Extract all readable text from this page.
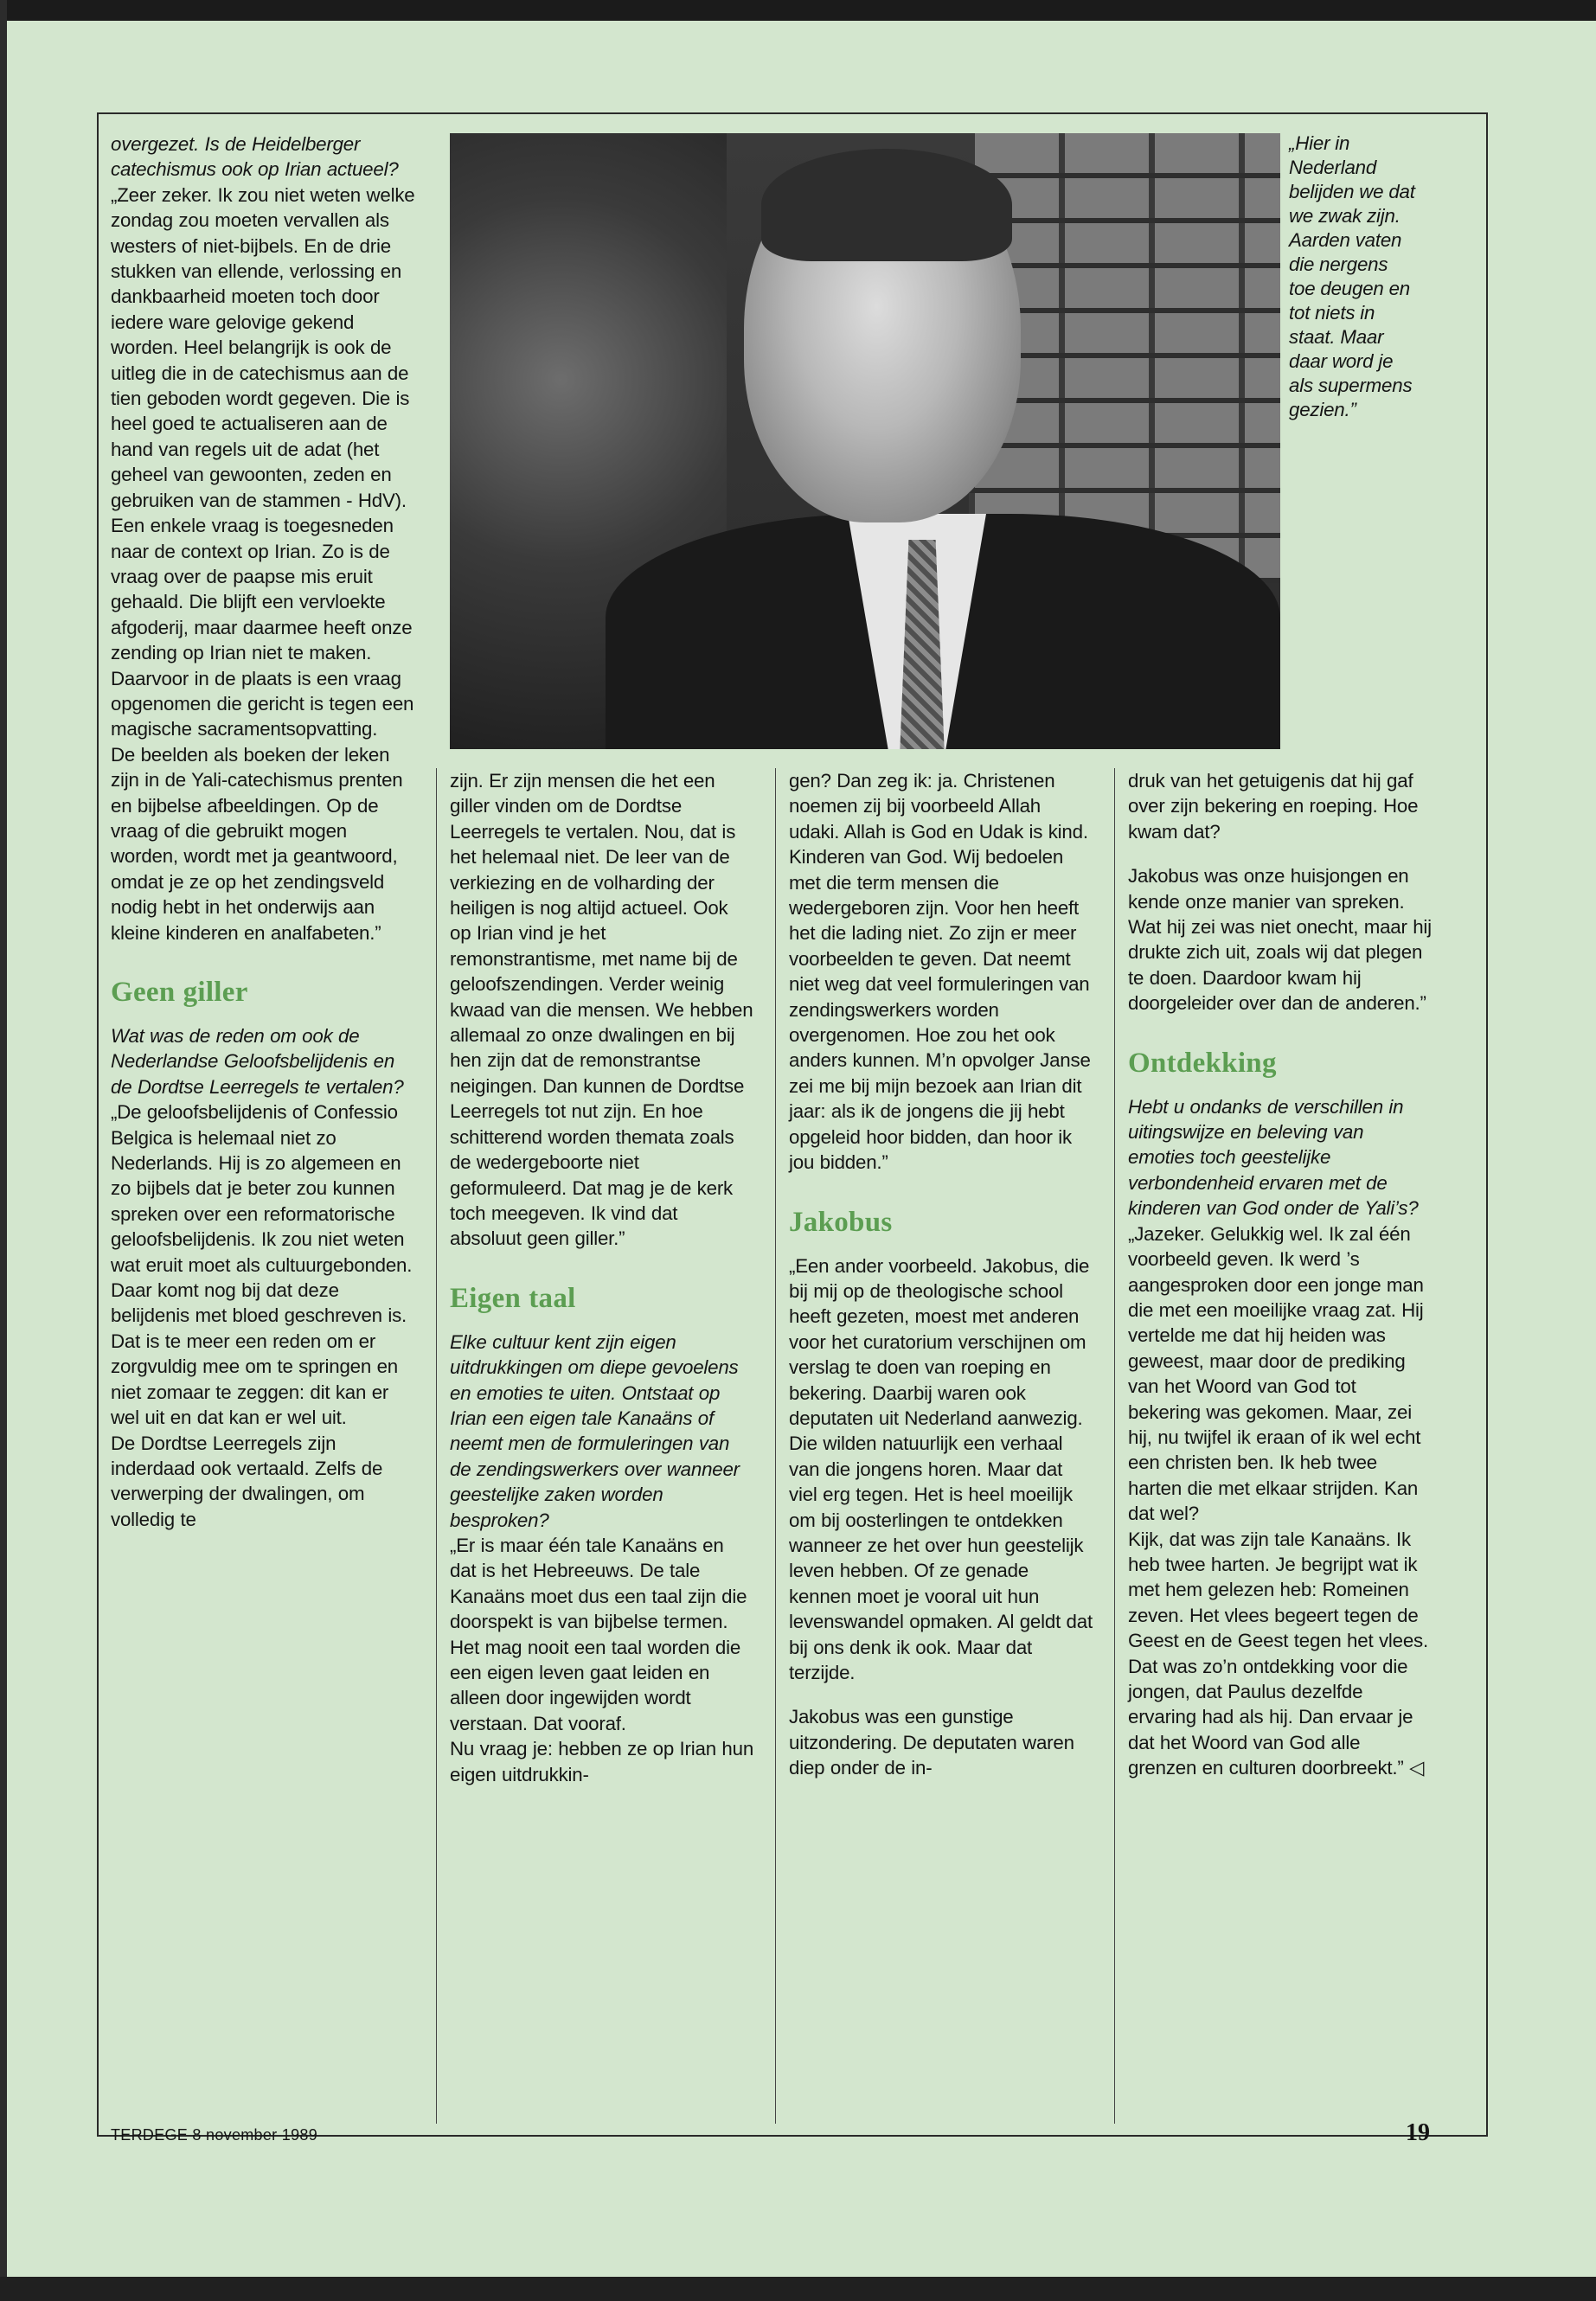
„Hier in Nederland belijden we dat we zwak zijn. Aarden vaten die nergens toe deugen en tot niets in staat. Maar daar word je als supermens gezien.”

overgezet. Is de Heidelberger catechismus ook op Irian actueel?

„Zeer zeker. Ik zou niet weten welke zondag zou moeten vervallen als westers of niet-bijbels. En de drie stukken van ellende, verlossing en dankbaarheid moeten toch door iedere ware gelovige gekend worden. Heel belangrijk is ook de uitleg die in de catechismus aan de tien geboden wordt gegeven. Die is heel goed te actualiseren aan de hand van regels uit de adat (het geheel van gewoonten, zeden en gebruiken van de stammen - HdV). Een enkele vraag is toegesneden naar de context op Irian. Zo is de vraag over de paapse mis eruit gehaald. Die blijft een vervloekte afgoderij, maar daarmee heeft onze zending op Irian niet te maken. Daarvoor in de plaats is een vraag opgenomen die gericht is tegen een magische sacramentsopvatting.

De beelden als boeken der leken zijn in de Yali-catechismus prenten en bijbelse afbeeldingen. Op de vraag of die gebruikt mogen worden, wordt met ja geantwoord, omdat je ze op het zendingsveld nodig hebt in het onderwijs aan kleine kinderen en analfabeten.”

Geen giller

Wat was de reden om ook de Nederlandse Geloofsbelijdenis en de Dordtse Leerregels te vertalen?

„De geloofsbelijdenis of Confessio Belgica is helemaal niet zo Nederlands. Hij is zo algemeen en zo bijbels dat je beter zou kunnen spreken over een reformatorische geloofsbelijdenis. Ik zou niet weten wat eruit moet als cultuurgebonden. Daar komt nog bij dat deze belijdenis met bloed geschreven is. Dat is te meer een reden om er zorgvuldig mee om te springen en niet zomaar te zeggen: dit kan er wel uit en dat kan er wel uit.

De Dordtse Leerregels zijn inderdaad ook vertaald. Zelfs de verwerping der dwalingen, om volledig te

zijn. Er zijn mensen die het een giller vinden om de Dordtse Leerregels te vertalen. Nou, dat is het helemaal niet. De leer van de verkiezing en de volharding der heiligen is nog altijd actueel. Ook op Irian vind je het remonstrantisme, met name bij de geloofszendingen. Verder weinig kwaad van die mensen. We hebben allemaal zo onze dwalingen en bij hen zijn dat de remonstrantse neigingen. Dan kunnen de Dordtse Leerregels tot nut zijn. En hoe schitterend worden themata zoals de wedergeboorte niet geformuleerd. Dat mag je de kerk toch meegeven. Ik vind dat absoluut geen giller.”

Eigen taal

Elke cultuur kent zijn eigen uitdrukkingen om diepe gevoelens en emoties te uiten. Ontstaat op Irian een eigen tale Kanaäns of neemt men de formuleringen van de zendingswerkers over wanneer geestelijke zaken worden besproken?

„Er is maar één tale Kanaäns en dat is het Hebreeuws. De tale Kanaäns moet dus een taal zijn die doorspekt is van bijbelse termen. Het mag nooit een taal worden die een eigen leven gaat leiden en alleen door ingewijden wordt verstaan. Dat vooraf.

Nu vraag je: hebben ze op Irian hun eigen uitdrukkin-

gen? Dan zeg ik: ja. Christenen noemen zij bij voorbeeld Allah udaki. Allah is God en Udak is kind. Kinderen van God. Wij bedoelen met die term mensen die wedergeboren zijn. Voor hen heeft het die lading niet. Zo zijn er meer voorbeelden te geven. Dat neemt niet weg dat veel formuleringen van zendingswerkers worden overgenomen. Hoe zou het ook anders kunnen. M’n opvolger Janse zei me bij mijn bezoek aan Irian dit jaar: als ik de jongens die jij hebt opgeleid hoor bidden, dan hoor ik jou bidden.”

Jakobus

„Een ander voorbeeld. Jakobus, die bij mij op de theologische school heeft gezeten, moest met anderen voor het curatorium verschijnen om verslag te doen van roeping en bekering. Daarbij waren ook deputaten uit Nederland aanwezig. Die wilden natuurlijk een verhaal van die jongens horen. Maar dat viel erg tegen. Het is heel moeilijk om bij oosterlingen te ontdekken wanneer ze het over hun geestelijk leven hebben. Of ze genade kennen moet je vooral uit hun levenswandel opmaken. Al geldt dat bij ons denk ik ook. Maar dat terzijde.

Jakobus was een gunstige uitzondering. De deputaten waren diep onder de in-

druk van het getuigenis dat hij gaf over zijn bekering en roeping. Hoe kwam dat?

Jakobus was onze huisjongen en kende onze manier van spreken. Wat hij zei was niet onecht, maar hij drukte zich uit, zoals wij dat plegen te doen. Daardoor kwam hij doorgeleider over dan de anderen.”

Ontdekking

Hebt u ondanks de verschillen in uitingswijze en beleving van emoties toch geestelijke verbondenheid ervaren met de kinderen van God onder de Yali’s?

„Jazeker. Gelukkig wel. Ik zal één voorbeeld geven. Ik werd ’s aangesproken door een jonge man die met een moeilijke vraag zat. Hij vertelde me dat hij heiden was geweest, maar door de prediking van het Woord van God tot bekering was gekomen. Maar, zei hij, nu twijfel ik eraan of ik wel echt een christen ben. Ik heb twee harten die met elkaar strijden. Kan dat wel?

Kijk, dat was zijn tale Kanaäns. Ik heb twee harten. Je begrijpt wat ik met hem gelezen heb: Romeinen zeven. Het vlees begeert tegen de Geest en de Geest tegen het vlees. Dat was zo’n ontdekking voor die jongen, dat Paulus dezelfde ervaring had als hij. Dan ervaar je dat het Woord van God alle grenzen en culturen doorbreekt.” ◁

TERDEGE 8 november 1989	19
